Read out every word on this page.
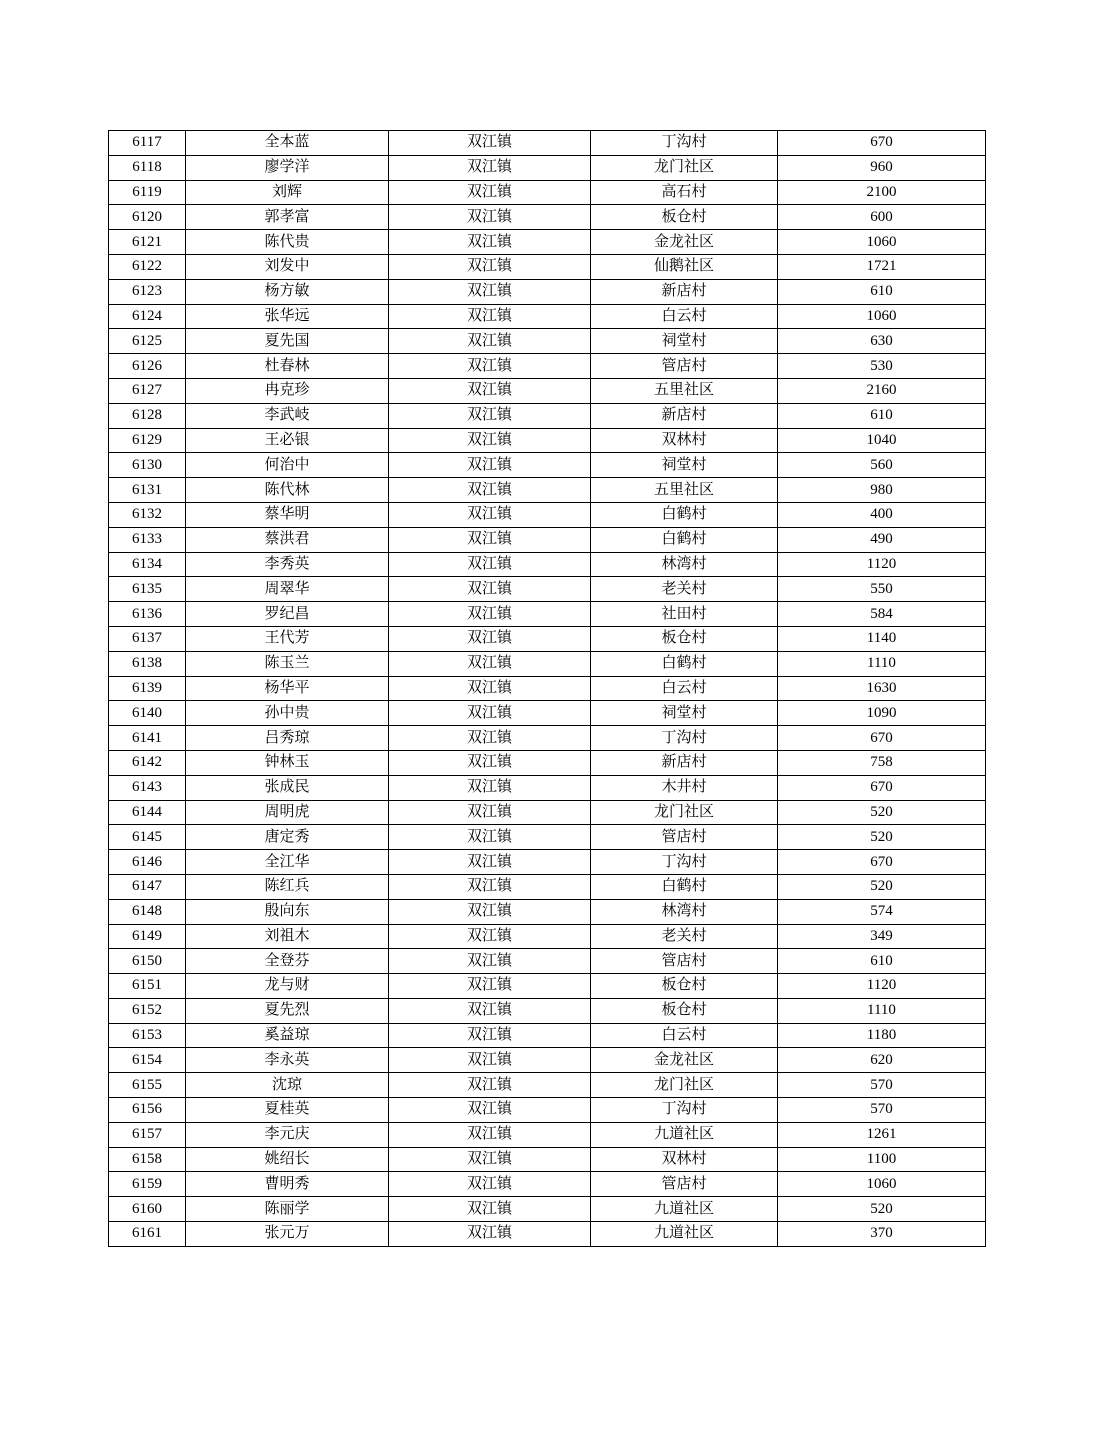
6117	全本蓝	双江镇	丁沟村	670
6118	廖学洋	双江镇	龙门社区	960
6119	刘辉	双江镇	高石村	2100
6120	郭孝富	双江镇	板仓村	600
6121	陈代贵	双江镇	金龙社区	1060
6122	刘发中	双江镇	仙鹅社区	1721
6123	杨方敏	双江镇	新店村	610
6124	张华远	双江镇	白云村	1060
6125	夏先国	双江镇	祠堂村	630
6126	杜春林	双江镇	管店村	530
6127	冉克珍	双江镇	五里社区	2160
6128	李武岐	双江镇	新店村	610
6129	王必银	双江镇	双林村	1040
6130	何治中	双江镇	祠堂村	560
6131	陈代林	双江镇	五里社区	980
6132	蔡华明	双江镇	白鹤村	400
6133	蔡洪君	双江镇	白鹤村	490
6134	李秀英	双江镇	林湾村	1120
6135	周翠华	双江镇	老关村	550
6136	罗纪昌	双江镇	社田村	584
6137	王代芳	双江镇	板仓村	1140
6138	陈玉兰	双江镇	白鹤村	1110
6139	杨华平	双江镇	白云村	1630
6140	孙中贵	双江镇	祠堂村	1090
6141	吕秀琼	双江镇	丁沟村	670
6142	钟林玉	双江镇	新店村	758
6143	张成民	双江镇	木井村	670
6144	周明虎	双江镇	龙门社区	520
6145	唐定秀	双江镇	管店村	520
6146	全江华	双江镇	丁沟村	670
6147	陈红兵	双江镇	白鹤村	520
6148	殷向东	双江镇	林湾村	574
6149	刘祖木	双江镇	老关村	349
6150	全登芬	双江镇	管店村	610
6151	龙与财	双江镇	板仓村	1120
6152	夏先烈	双江镇	板仓村	1110
6153	奚益琼	双江镇	白云村	1180
6154	李永英	双江镇	金龙社区	620
6155	沈琼	双江镇	龙门社区	570
6156	夏桂英	双江镇	丁沟村	570
6157	李元庆	双江镇	九道社区	1261
6158	姚绍长	双江镇	双林村	1100
6159	曹明秀	双江镇	管店村	1060
6160	陈丽学	双江镇	九道社区	520
6161	张元万	双江镇	九道社区	370
